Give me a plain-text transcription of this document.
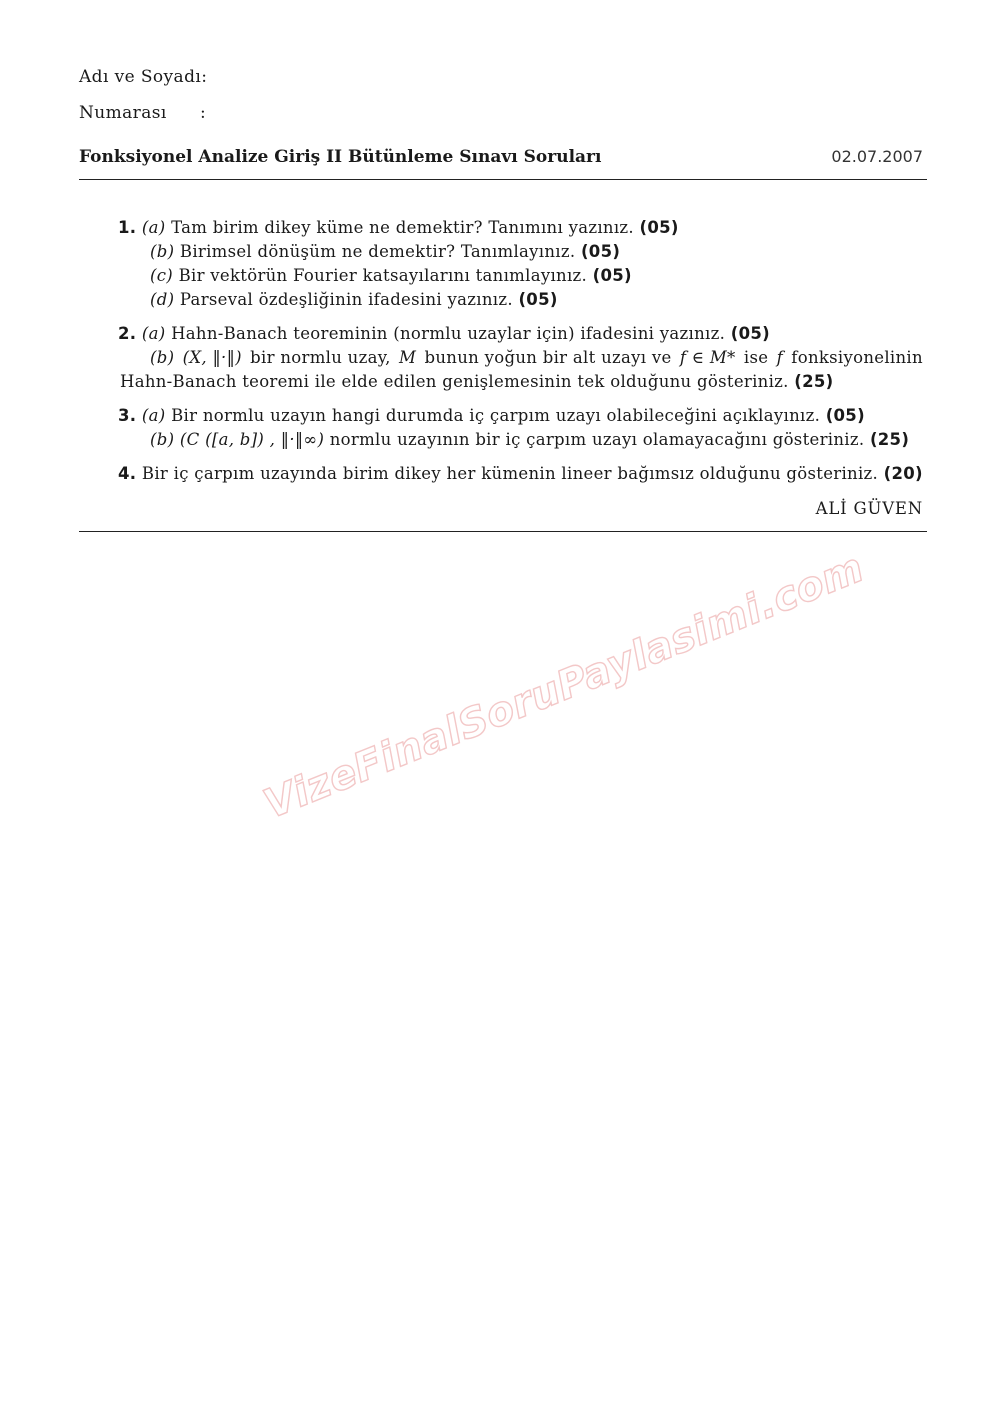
Adı ve Soyadı:
Numarası :
Fonksiyonel Analize Giriş II Bütünleme Sınavı Soruları	02.07.2007
1. (a) Tam birim dikey küme ne demektir? Tanımını yazınız. (05)
(b) Birimsel dönüşüm ne demektir? Tanımlayınız. (05)
(c) Bir vektörün Fourier katsayılarını tanımlayınız. (05)
(d) Parseval özdeşliğinin ifadesini yazınız. (05)
2. (a) Hahn-Banach teoreminin (normlu uzaylar için) ifadesini yazınız. (05)
(b) (X, ‖·‖) bir normlu uzay, M bunun yoğun bir alt uzayı ve f ∈ M* ise f fonksiyonelinin
Hahn-Banach teoremi ile elde edilen genişlemesinin tek olduğunu gösteriniz. (25)
3. (a) Bir normlu uzayın hangi durumda iç çarpım uzayı olabileceğini açıklayınız. (05)
(b) (C ([a, b]) , ‖·‖∞) normlu uzayının bir iç çarpım uzayı olamayacağını gösteriniz. (25)
4. Bir iç çarpım uzayında birim dikey her kümenin lineer bağımsız olduğunu gösteriniz. (20)
ALİ GÜVEN
VizeFinalSoruPaylasimi.com
